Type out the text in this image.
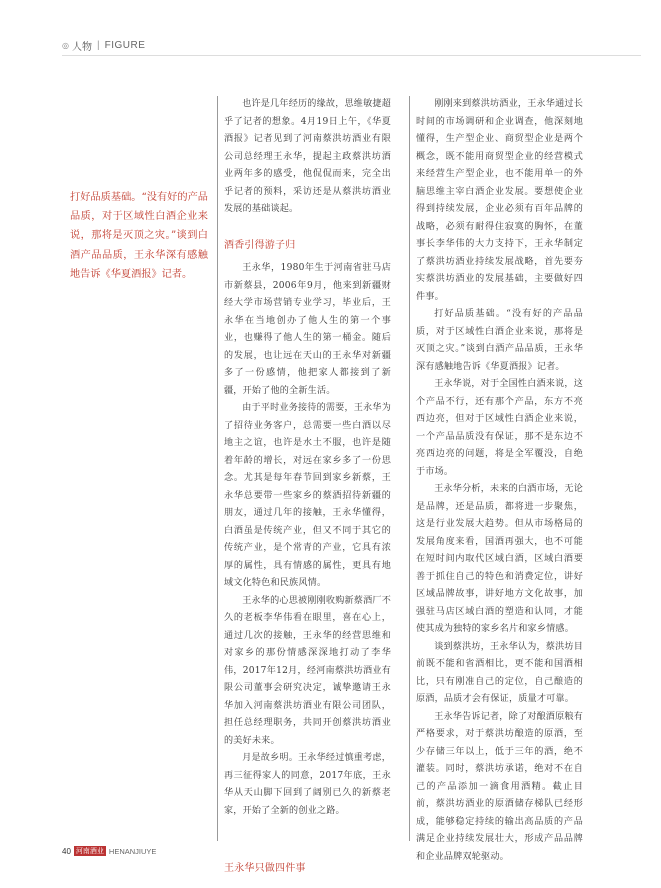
◎ 人物 | FIGURE
打好品质基础。“没有好的产品品质，对于区域性白酒企业来说，那将是灭顶之灾。”谈到白酒产品品质，王永华深有感触地告诉《华夏酒报》记者。

也许是几年经历的缘故，思维敏捷超乎了记者的想象。4月19日上午，《华夏酒报》记者见到了河南蔡洪坊酒业有限公司总经理王永华，提起主政蔡洪坊酒业两年多的感受，他侃侃而来，完全出乎记者的预料，采访还是从蔡洪坊酒业发展的基础谈起。

酒香引得游子归

王永华，1980年生于河南省驻马店市新蔡县，2006年9月，他来到新疆财经大学市场营销专业学习，毕业后，王永华在当地创办了他人生的第一个事业，也赚得了他人生的第一桶金。随后的发展，也让远在天山的王永华对新疆多了一份感情，他把家人都接到了新疆，开始了他的全新生活。

由于平时业务接待的需要，王永华为了招待业务客户，总需要一些白酒以尽地主之谊，也许是水土不服，也许是随着年龄的增长，对远在家乡多了一份思念。尤其是每年春节回到家乡新蔡，王永华总要带一些家乡的蔡酒招待新疆的朋友，通过几年的接触，王永华懂得，白酒虽是传统产业，但又不同于其它的传统产业，是个常青的产业，它具有浓厚的属性，具有情感的属性，更具有地域文化特色和民族风情。

王永华的心思被刚刚收购新蔡酒厂不久的老板李华伟看在眼里，喜在心上，通过几次的接触，王永华的经营思维和对家乡的那份情感深深地打动了李华伟，2017年12月，经河南蔡洪坊酒业有限公司董事会研究决定，诚挚邀请王永华加入河南蔡洪坊酒业有限公司团队，担任总经理职务，共同开创蔡洪坊酒业的美好未来。

月是故乡明。王永华经过慎重考虑，再三征得家人的同意，2017年底，王永华从天山脚下回到了阔别已久的新蔡老家，开始了全新的创业之路。

王永华只做四件事

刚刚来到蔡洪坊酒业，王永华通过长时间的市场调研和企业调查，他深刻地懂得，生产型企业、商贸型企业是两个概念，既不能用商贸型企业的经营模式来经营生产型企业，也不能用单一的外脑思维主宰白酒企业发展。要想使企业得到持续发展，企业必须有百年品牌的战略，必须有耐得住寂寞的胸怀，在董事长李华伟的大力支持下，王永华制定了蔡洪坊酒业持续发展战略，首先要夯实蔡洪坊酒业的发展基础，主要做好四件事。

打好品质基础。“没有好的产品品质，对于区域性白酒企业来说，那将是灭顶之灾。”谈到白酒产品品质，王永华深有感触地告诉《华夏酒报》记者。

王永华说，对于全国性白酒来说，这个产品不行，还有那个产品，东方不亮西边亮，但对于区域性白酒企业来说，一个产品品质没有保证，那不是东边不亮西边亮的问题，将是全军覆没，自绝于市场。

王永华分析，未来的白酒市场，无论是品牌，还是品质，都将进一步聚焦，这是行业发展大趋势。但从市场格局的发展角度来看，国酒再强大，也不可能在短时间内取代区域白酒，区域白酒要善于抓住自己的特色和消费定位，讲好区域品牌故事，讲好地方文化故事，加强驻马店区域白酒的塑造和认同，才能使其成为独特的家乡名片和家乡情感。

谈到蔡洪坊，王永华认为，蔡洪坊目前既不能和省酒相比，更不能和国酒相比，只有刚准自己的定位，自己酿造的原酒，品质才会有保证，质量才可靠。

王永华告诉记者，除了对酿酒原粮有严格要求，对于蔡洪坊酿造的原酒，至少存储三年以上，低于三年的酒，绝不灌装。同时，蔡洪坊承诺，绝对不在自己的产品添加一滴食用酒精。截止目前，蔡洪坊酒业的原酒储存梯队已经形成，能够稳定持续的输出高品质的产品满足企业持续发展壮大，形成产品品牌和企业品牌双轮驱动。

40 河南酒业 HENANJIUYE
